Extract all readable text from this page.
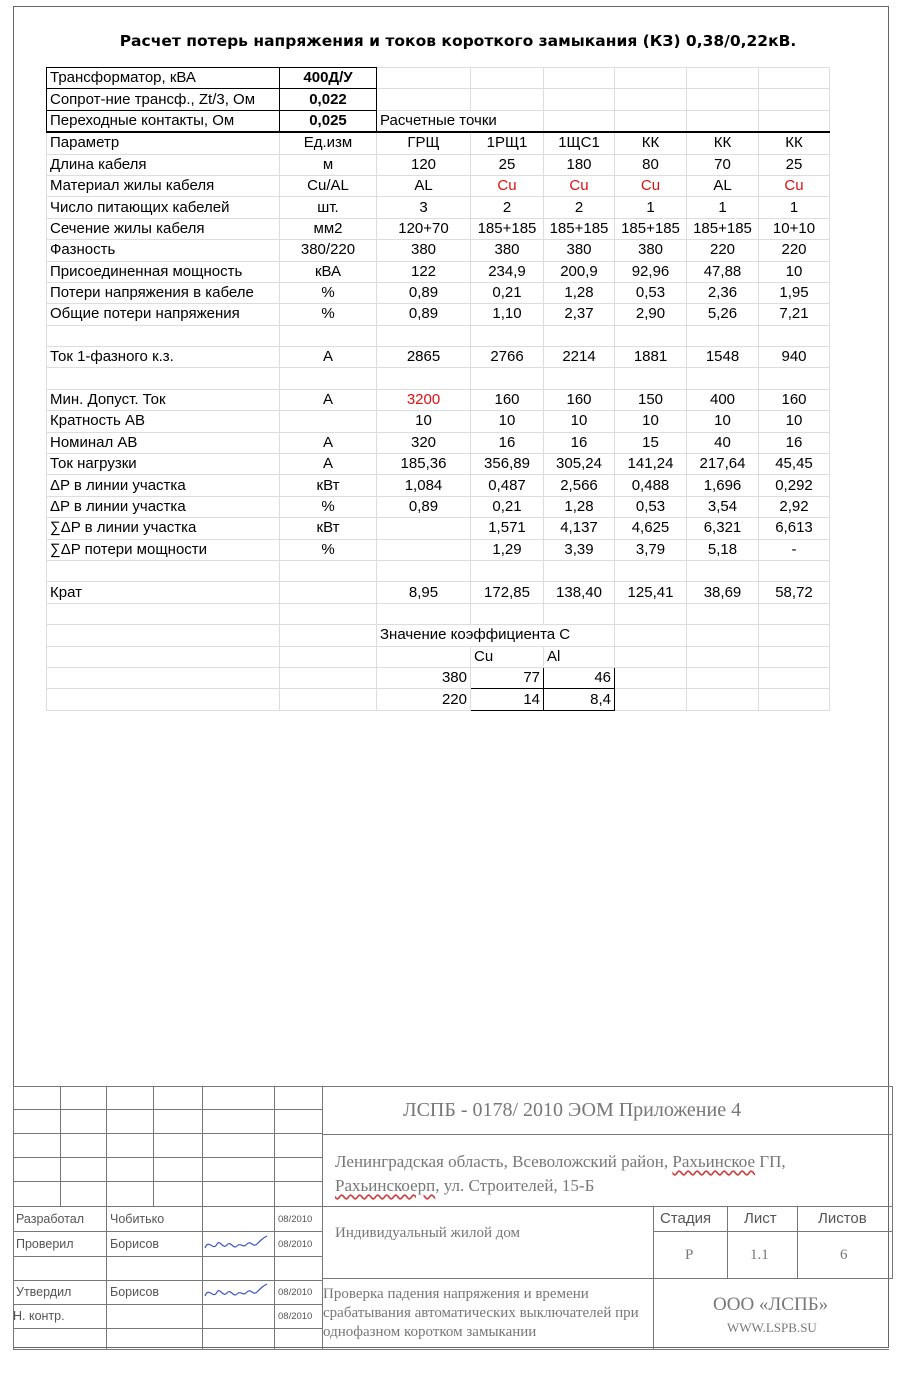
Расчет потерь напряжения и токов короткого замыкания (КЗ) 0,38/0,22кВ.
Трансформатор, кВА	400Д/У						
Сопрот-ние трансф., Zt/3, Ом	0,022						
Переходные контакты, Ом	0,025	Расчетные точки					
Параметр	Ед.изм	ГРЩ	1РЩ1	1ЩС1	КК	КК	КК
Длина кабеля	м	120	25	180	80	70	25
Материал жилы кабеля	Cu/AL	AL	Cu	Cu	Cu	AL	Cu
Число питающих кабелей	шт.	3	2	2	1	1	1
Сечение жилы кабеля	мм2	120+70	185+185	185+185	185+185	185+185	10+10
Фазность	380/220	380	380	380	380	220	220
Присоединенная мощность	кВА	122	234,9	200,9	92,96	47,88	10
Потери напряжения в кабеле	%	0,89	0,21	1,28	0,53	2,36	1,95
Общие потери напряжения	%	0,89	1,10	2,37	2,90	5,26	7,21

Ток 1-фазного к.з.	А	2865	2766	2214	1881	1548	940

Мин. Допуст. Ток	А	3200	160	160	150	400	160
Кратность АВ		10	10	10	10	10	10
Номинал АВ	А	320	16	16	15	40	16
Ток нагрузки	А	185,36	356,89	305,24	141,24	217,64	45,45
ΔP в линии участка	кВт	1,084	0,487	2,566	0,488	1,696	0,292
ΔP в линии участка	%	0,89	0,21	1,28	0,53	3,54	2,92
∑ΔP в линии участка	кВт		1,571	4,137	4,625	6,321	6,613
∑ΔP потери мощности	%		1,29	3,39	3,79	5,18	-

Крат		8,95	172,85	138,40	125,41	38,69	58,72

		Значение коэффициента С					
			Cu	Al			
		380	77	46			
		220	14	8,4			
Разработал Чобитько	08/2010
Проверил	Борисов	08/2010
Утвердил	Борисов	08/2010
Н. контр.	08/2010
ЛСПБ - 0178/ 2010 ЭОМ Приложение 4
Ленинградская область, Всеволожский район, Рахьинское ГП,
Рахьинскоерп, ул. Строителей, 15-Б
Индивидуальный жилой дом
Стадия Лист	Листов
Р	1.1	6
Проверка падения напряжения и времени срабатывания автоматических выключателей при однофазном коротком замыкании
ООО «ЛСПБ»
WWW.LSPB.SU
